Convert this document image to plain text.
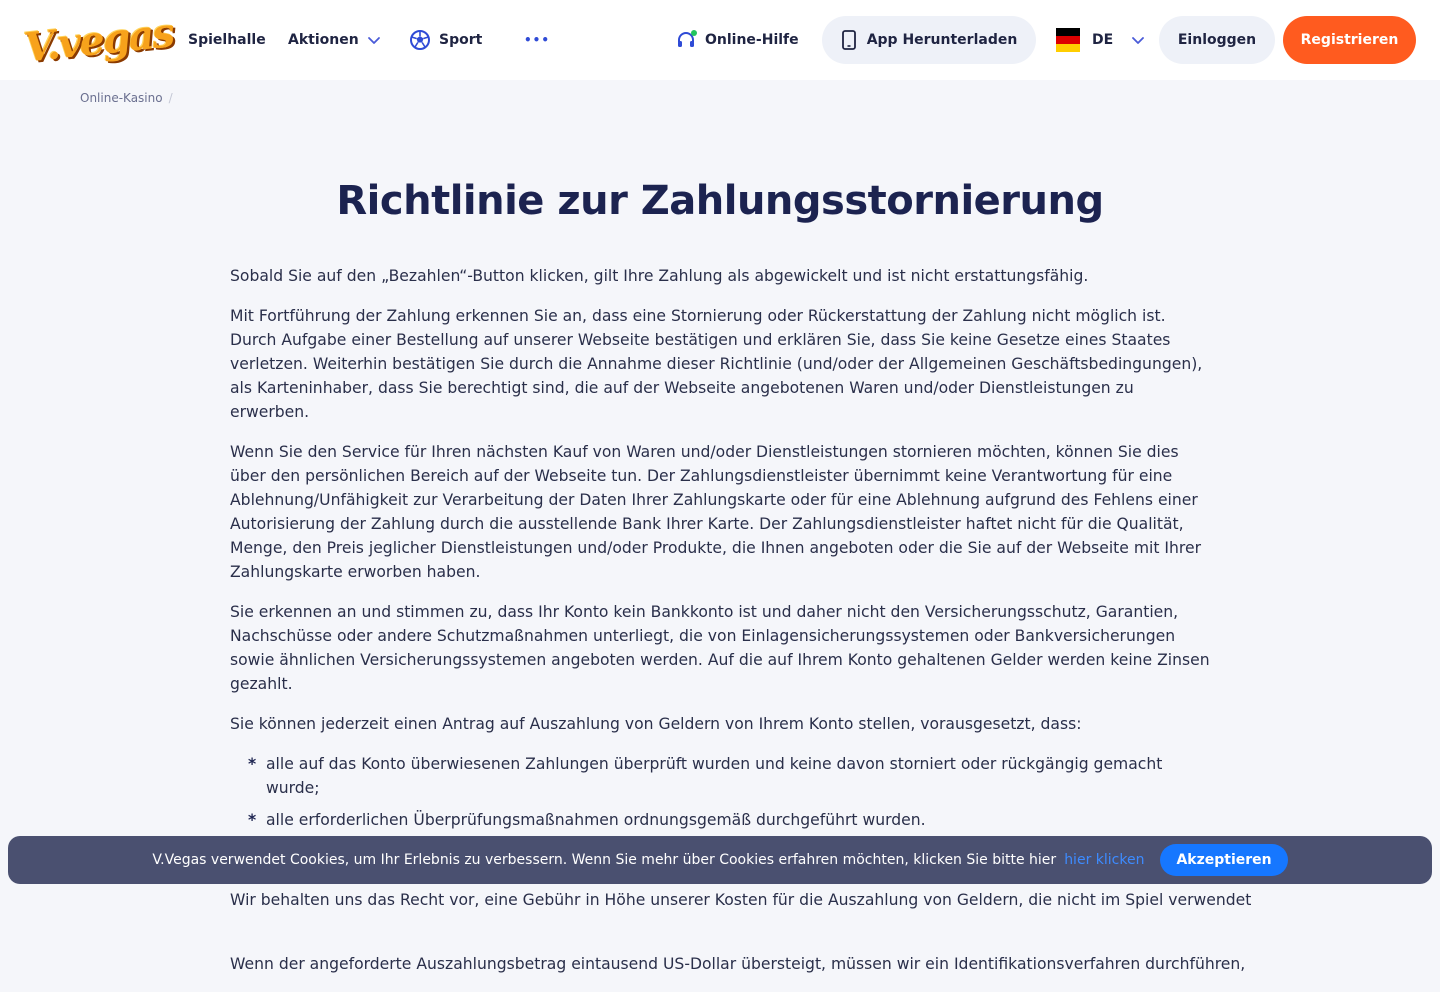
V.vegas Spielhalle Aktionen	Sport	•••	Online-Hilfe	App Herunterladen	DE	Einloggen	Registrieren
Online-Kasino /
Richtlinie zur Zahlungsstornierung

Sobald Sie auf den „Bezahlen“-Button klicken, gilt Ihre Zahlung als abgewickelt und ist nicht erstattungsfähig.

Mit Fortführung der Zahlung erkennen Sie an, dass eine Stornierung oder Rückerstattung der Zahlung nicht möglich ist. Durch Aufgabe einer Bestellung auf unserer Webseite bestätigen und erklären Sie, dass Sie keine Gesetze eines Staates verletzen. Weiterhin bestätigen Sie durch die Annahme dieser Richtlinie (und/oder der Allgemeinen Geschäftsbedingungen), als Karteninhaber, dass Sie berechtigt sind, die auf der Webseite angebotenen Waren und/oder Dienstleistungen zu erwerben.

Wenn Sie den Service für Ihren nächsten Kauf von Waren und/oder Dienstleistungen stornieren möchten, können Sie dies über den persönlichen Bereich auf der Webseite tun. Der Zahlungsdienstleister übernimmt keine Verantwortung für eine Ablehnung/Unfähigkeit zur Verarbeitung der Daten Ihrer Zahlungskarte oder für eine Ablehnung aufgrund des Fehlens einer Autorisierung der Zahlung durch die ausstellende Bank Ihrer Karte. Der Zahlungsdienstleister haftet nicht für die Qualität, Menge, den Preis jeglicher Dienstleistungen und/oder Produkte, die Ihnen angeboten oder die Sie auf der Webseite mit Ihrer Zahlungskarte erworben haben.

Sie erkennen an und stimmen zu, dass Ihr Konto kein Bankkonto ist und daher nicht den Versicherungsschutz, Garantien, Nachschüsse oder andere Schutzmaßnahmen unterliegt, die von Einlagensicherungssystemen oder Bankversicherungen sowie ähnlichen Versicherungssystemen angeboten werden. Auf die auf Ihrem Konto gehaltenen Gelder werden keine Zinsen gezahlt.

Sie können jederzeit einen Antrag auf Auszahlung von Geldern von Ihrem Konto stellen, vorausgesetzt, dass:

* alle auf das Konto überwiesenen Zahlungen überprüft wurden und keine davon storniert oder rückgängig gemacht wurde;
* alle erforderlichen Überprüfungsmaßnahmen ordnungsgemäß durchgeführt wurden.

Wir behalten uns das Recht vor, eine Gebühr in Höhe unserer Kosten für die Auszahlung von Geldern, die nicht im Spiel verwendet

Wenn der angeforderte Auszahlungsbetrag eintausend US-Dollar übersteigt, müssen wir ein Identifikationsverfahren durchführen,

V.Vegas verwendet Cookies, um Ihr Erlebnis zu verbessern. Wenn Sie mehr über Cookies erfahren möchten, klicken Sie bitte hier hier klicken Akzeptieren
